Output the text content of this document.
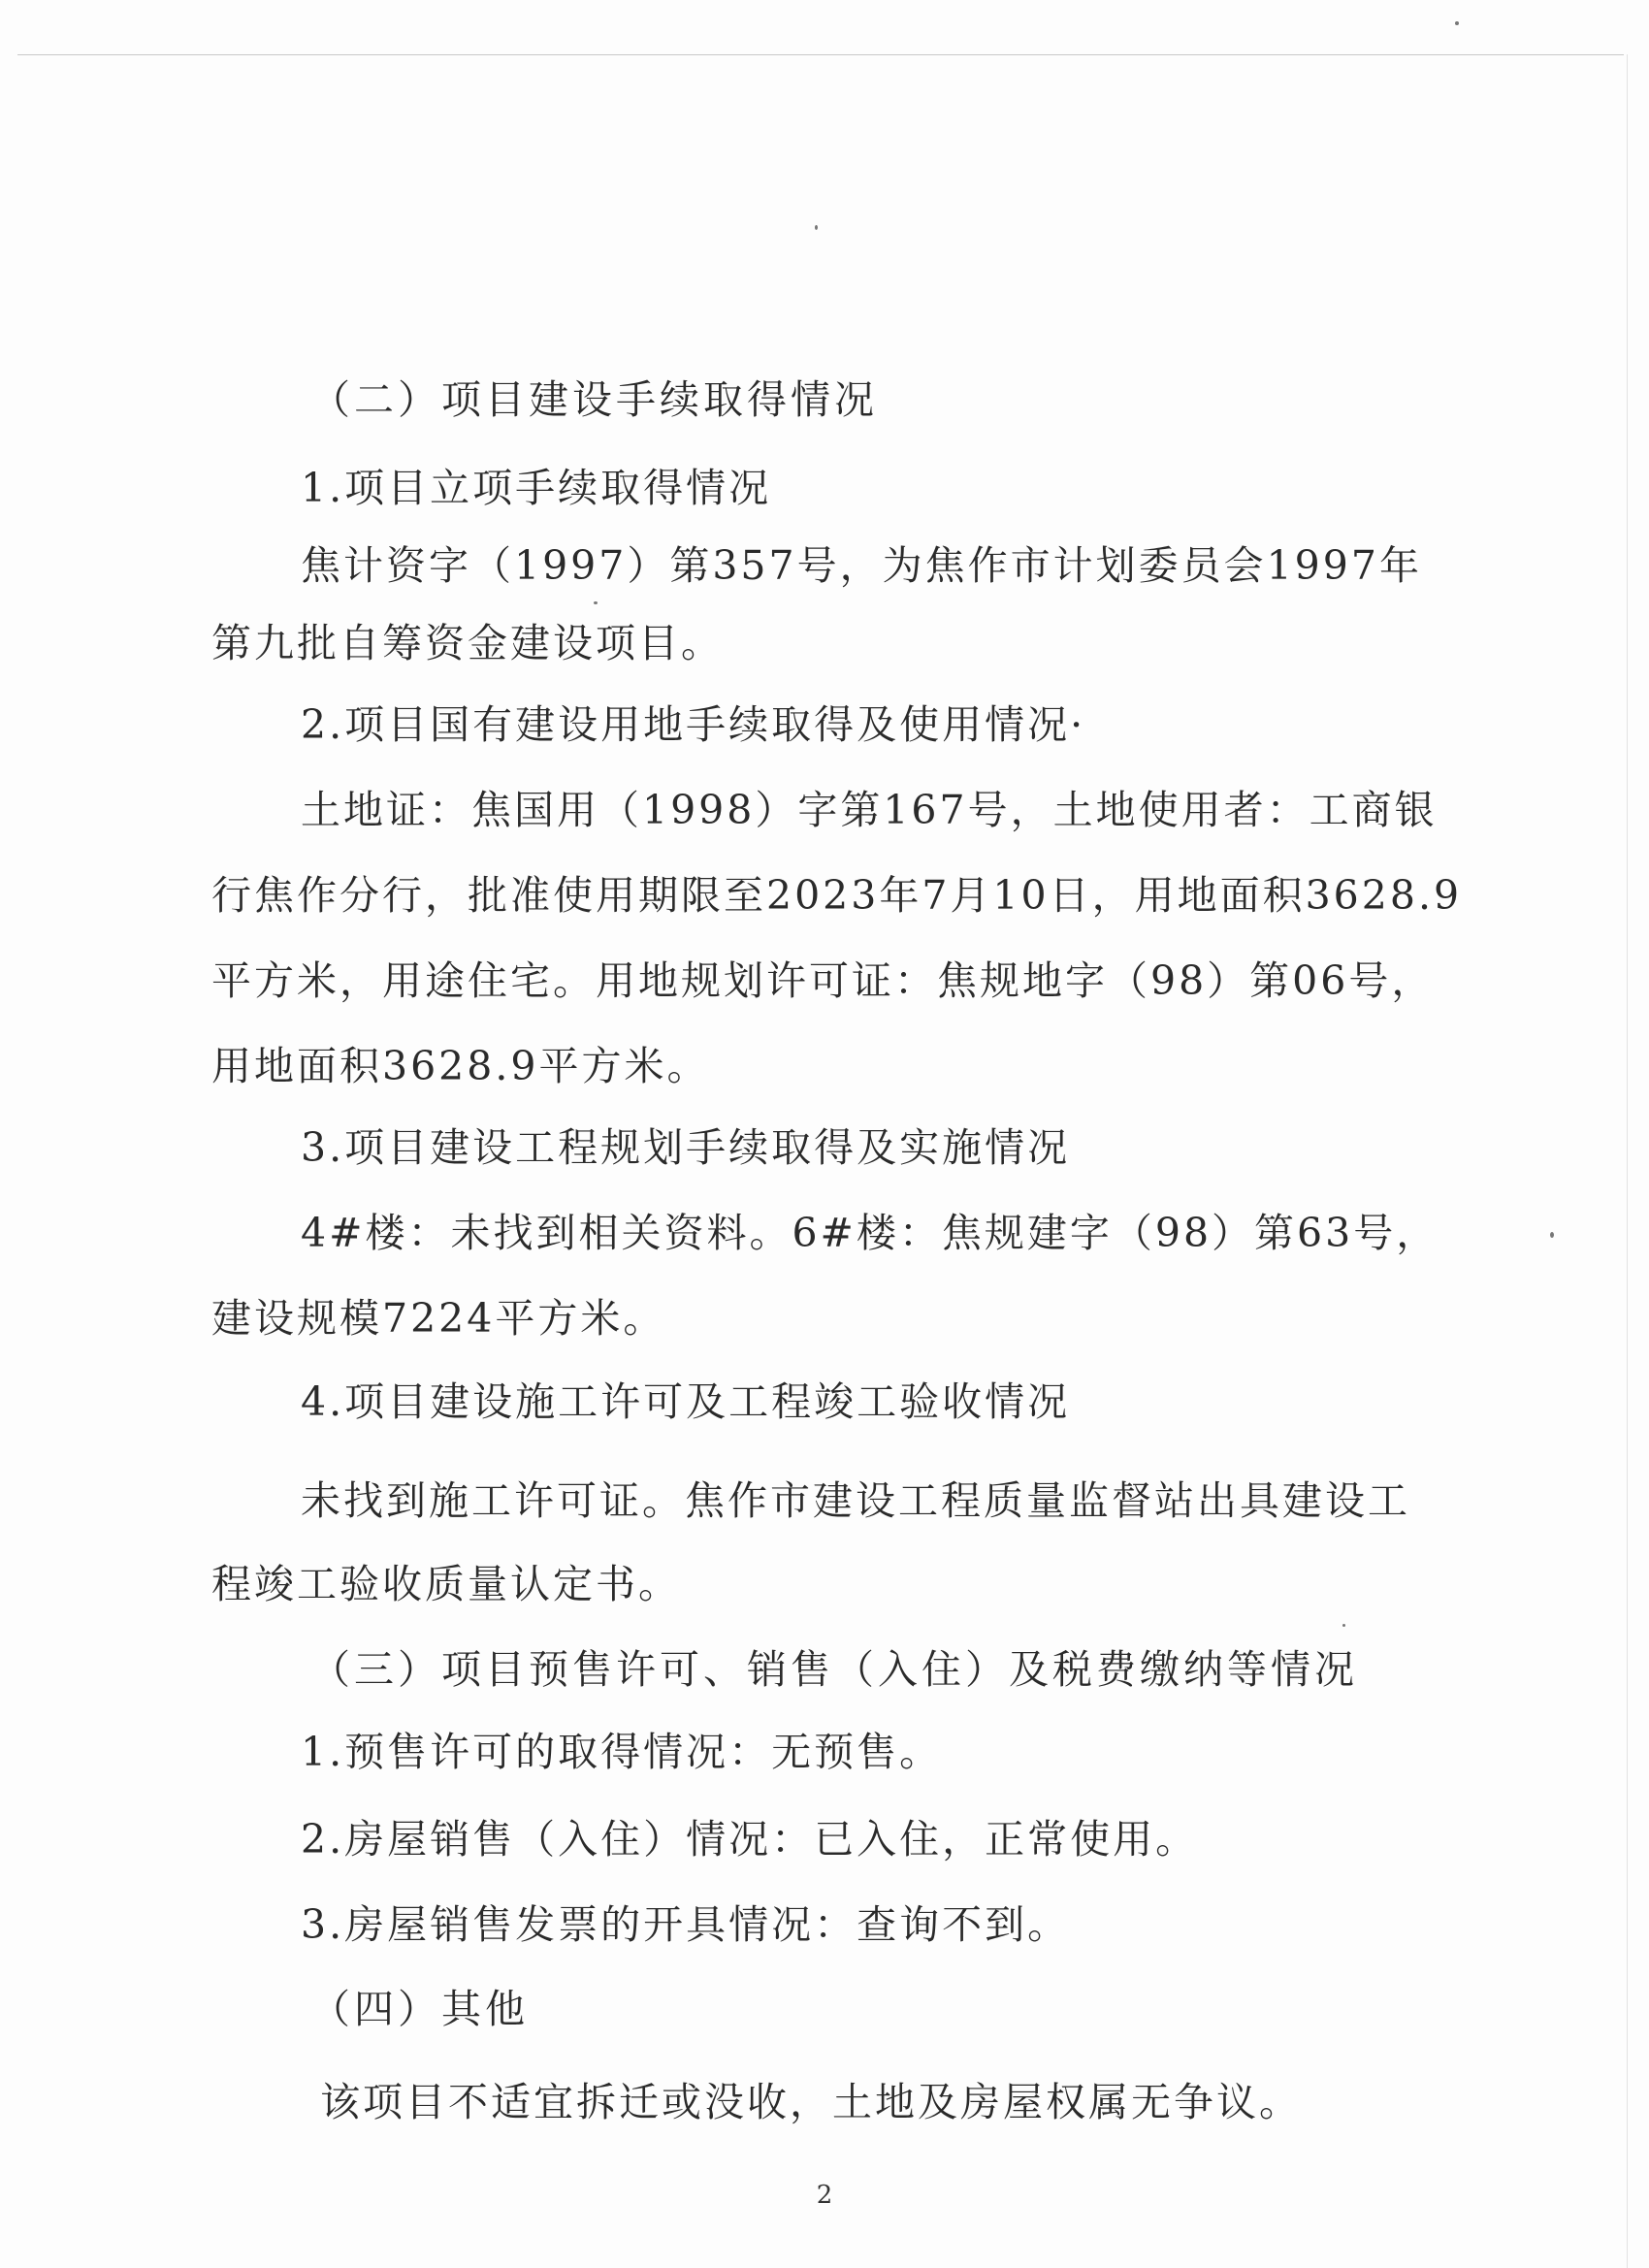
（二）项目建设手续取得情况
1.项目立项手续取得情况
焦计资字（1997）第357号，为焦作市计划委员会1997年
第九批自筹资金建设项目。
2.项目国有建设用地手续取得及使用情况·
土地证：焦国用（1998）字第167号，土地使用者：工商银
行焦作分行，批准使用期限至2023年7月10日，用地面积3628.9
平方米，用途住宅。用地规划许可证：焦规地字（98）第06号，
用地面积3628.9平方米。
3.项目建设工程规划手续取得及实施情况
4#楼：未找到相关资料。6#楼：焦规建字（98）第63号，
建设规模7224平方米。
4.项目建设施工许可及工程竣工验收情况
未找到施工许可证。焦作市建设工程质量监督站出具建设工
程竣工验收质量认定书。
（三）项目预售许可、销售（入住）及税费缴纳等情况
1.预售许可的取得情况：无预售。
2.房屋销售（入住）情况：已入住，正常使用。
3.房屋销售发票的开具情况：查询不到。
（四）其他
该项目不适宜拆迁或没收，土地及房屋权属无争议。
2
